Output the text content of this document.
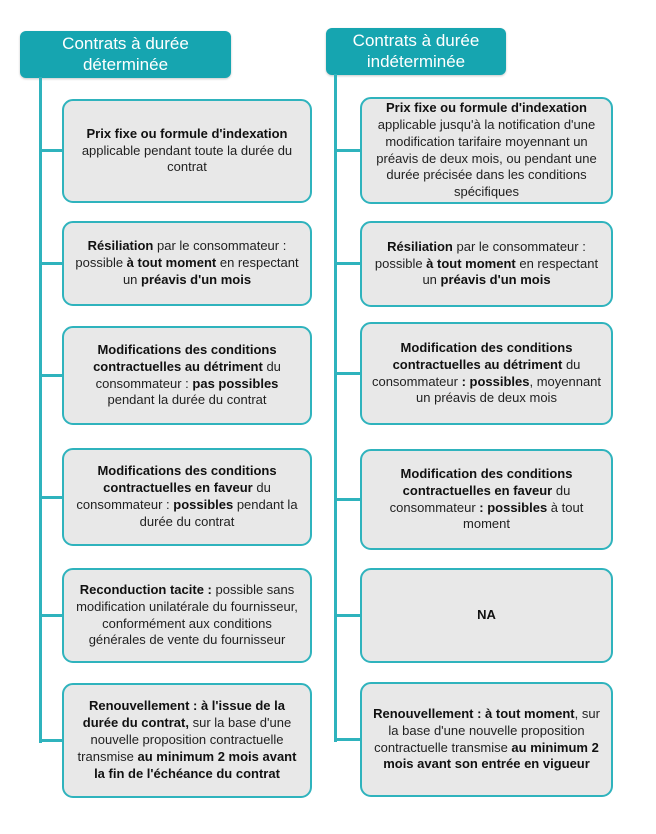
Contrats à durée déterminée
Prix fixe ou formule d'indexation applicable pendant toute la durée du contrat
Résiliation par le consommateur : possible à tout moment en respectant un préavis d'un mois
Modifications des conditions contractuelles au détriment du consommateur : pas possibles pendant la durée du contrat
Modifications des conditions contractuelles en faveur du consommateur : possibles pendant la durée du contrat
Reconduction tacite : possible sans modification unilatérale du fournisseur, conformément aux conditions générales de vente du fournisseur
Renouvellement : à l'issue de la durée du contrat, sur la base d'une nouvelle proposition contractuelle transmise au minimum 2 mois avant la fin de l'échéance du contrat
Contrats à durée indéterminée
Prix fixe ou formule d'indexation applicable jusqu'à la notification d'une modification tarifaire moyennant un préavis de deux mois, ou pendant une durée précisée dans les conditions spécifiques
Résiliation par le consommateur : possible à tout moment en respectant un préavis d'un mois
Modification des conditions contractuelles au détriment du consommateur : possibles, moyennant un préavis de deux mois
Modification des conditions contractuelles en faveur du consommateur : possibles à tout moment
NA
Renouvellement : à tout moment, sur la base d'une nouvelle proposition contractuelle transmise au minimum 2 mois avant son entrée en vigueur
